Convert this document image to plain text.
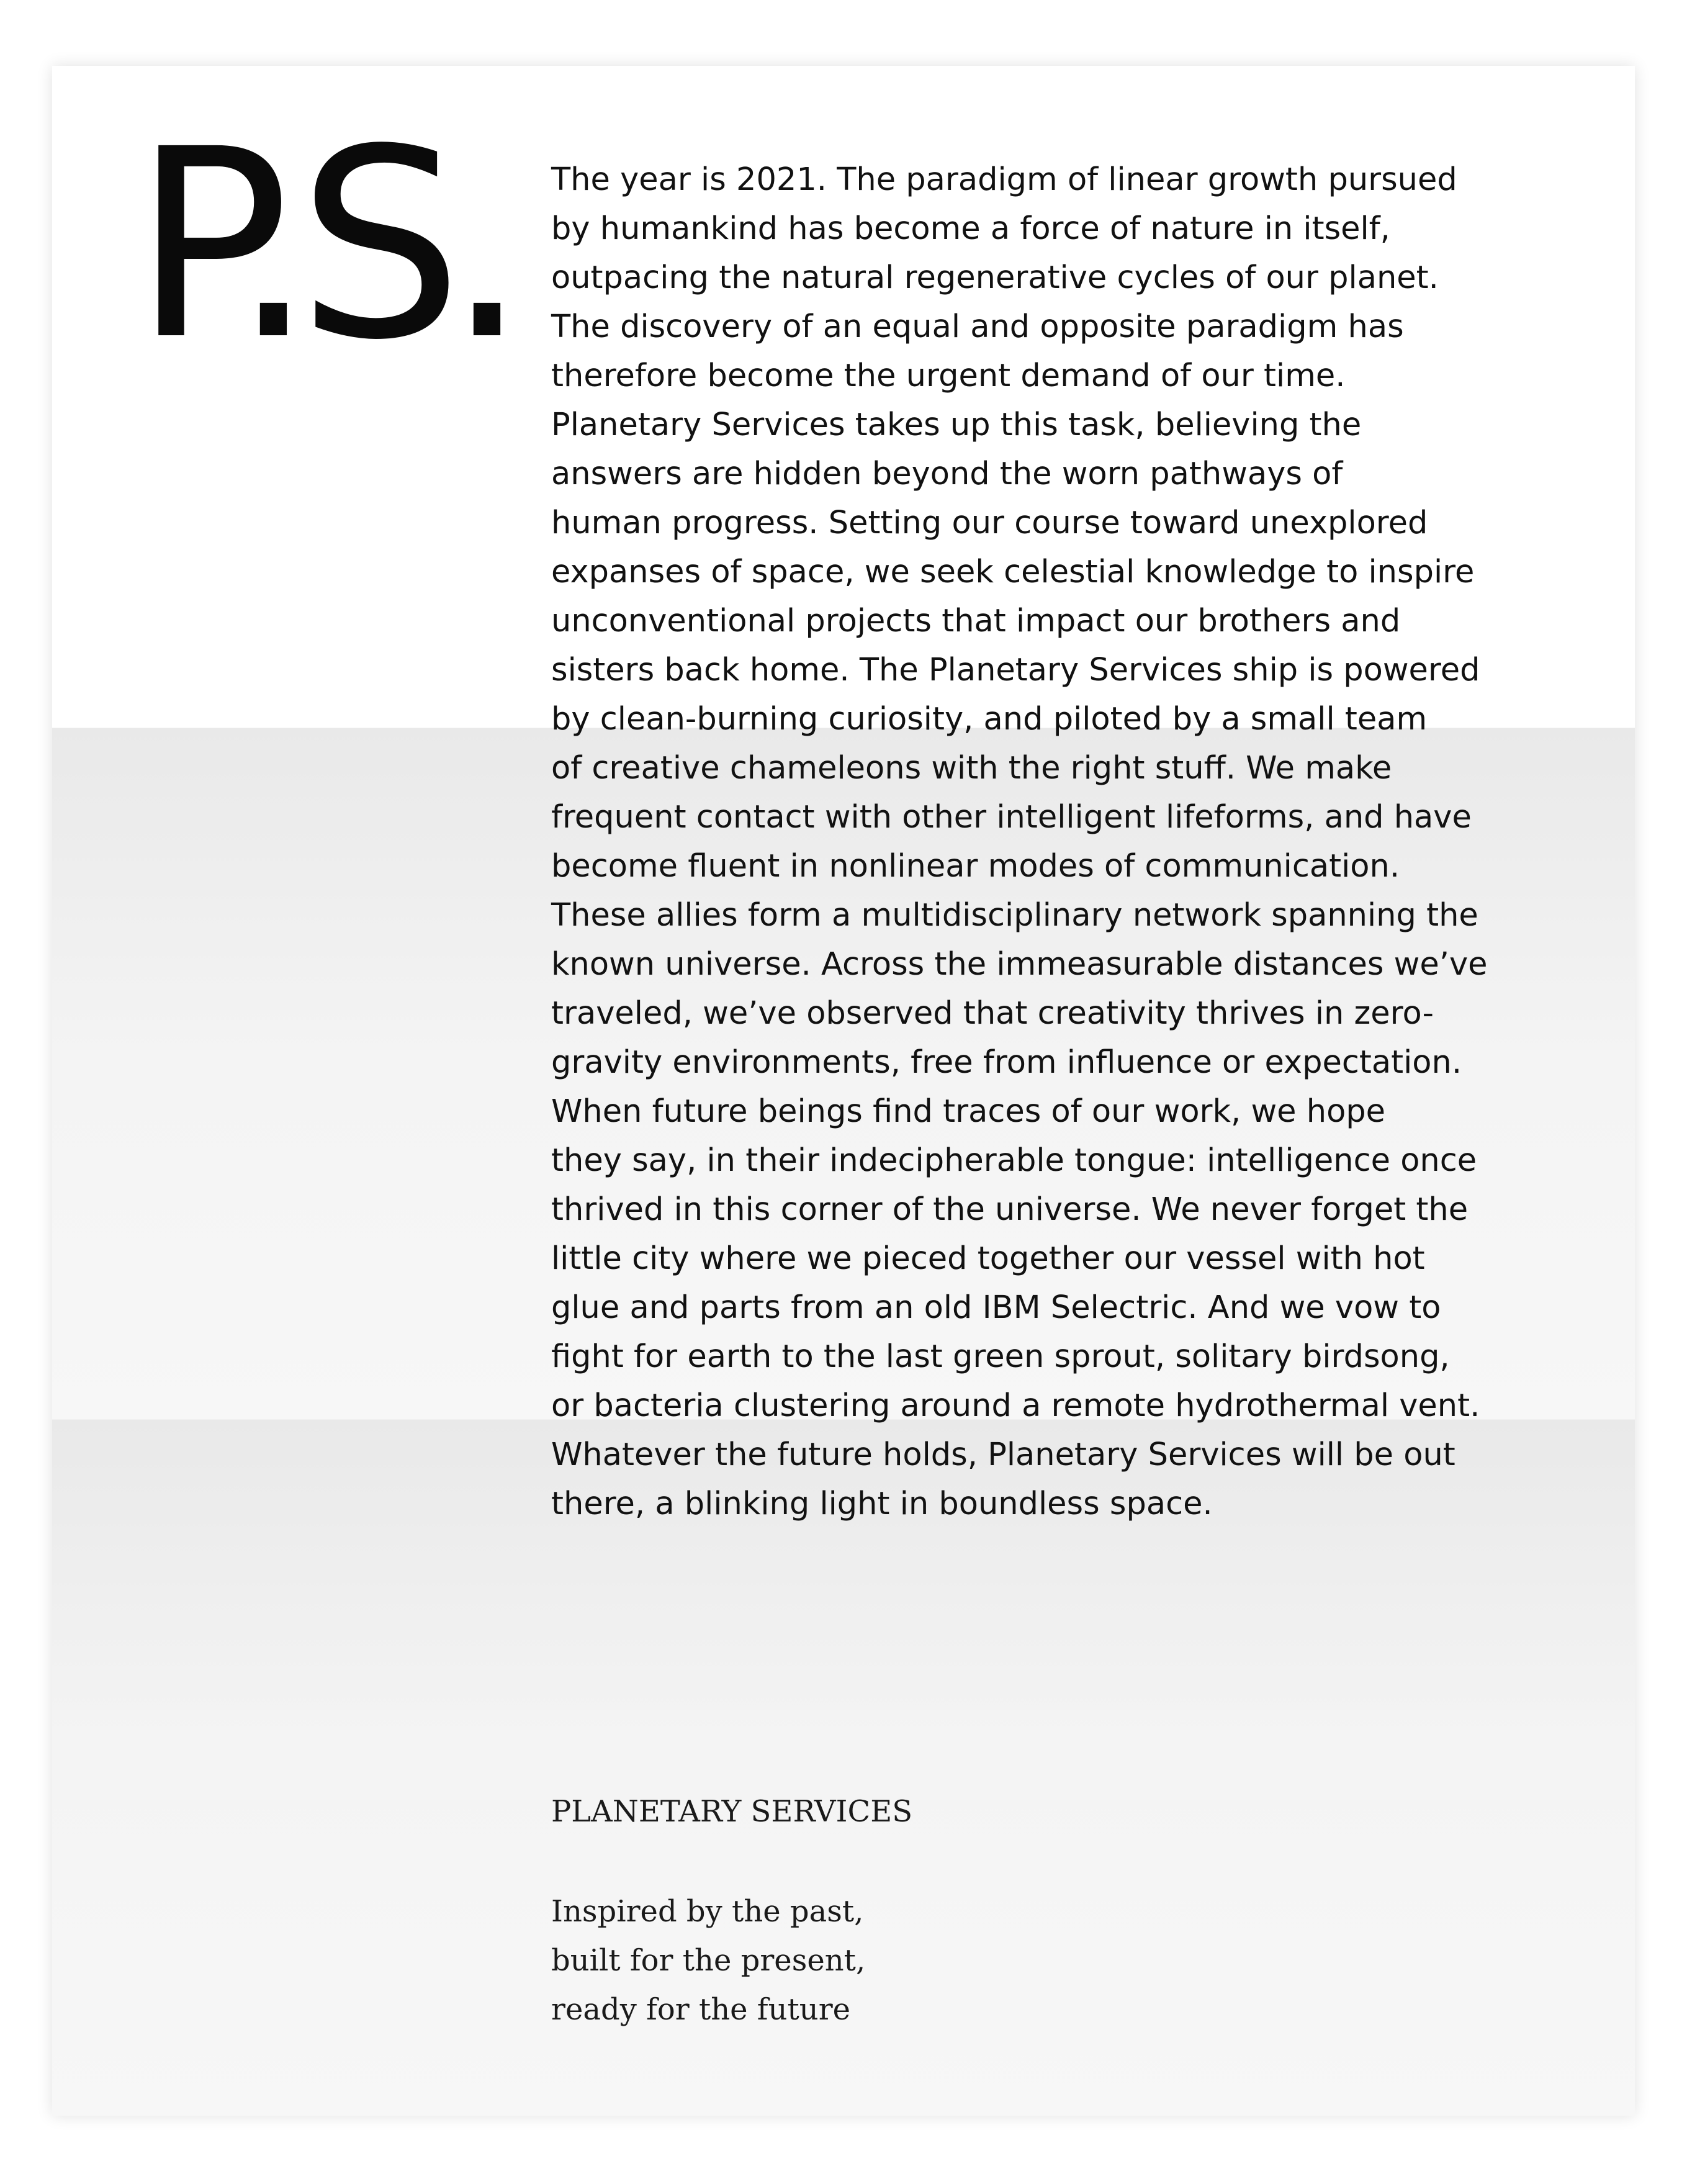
P.S. The year is 2021. The paradigm of linear growth pursued
by humankind has become a force of nature in itself,
outpacing the natural regenerative cycles of our planet.
The discovery of an equal and opposite paradigm has
therefore become the urgent demand of our time.
Planetary Services takes up this task, believing the
answers are hidden beyond the worn pathways of
human progress. Setting our course toward unexplored
expanses of space, we seek celestial knowledge to inspire
unconventional projects that impact our brothers and
sisters back home. The Planetary Services ship is powered
by clean-burning curiosity, and piloted by a small team
of creative chameleons with the right stuff. We make
frequent contact with other intelligent lifeforms, and have
become fluent in nonlinear modes of communication.
These allies form a multidisciplinary network spanning the
known universe. Across the immeasurable distances we’ve
traveled, we’ve observed that creativity thrives in zero-
gravity environments, free from influence or expectation.
When future beings find traces of our work, we hope
they say, in their indecipherable tongue: intelligence once
thrived in this corner of the universe. We never forget the
little city where we pieced together our vessel with hot
glue and parts from an old IBM Selectric. And we vow to
fight for earth to the last green sprout, solitary birdsong,
or bacteria clustering around a remote hydrothermal vent.
Whatever the future holds, Planetary Services will be out
there, a blinking light in boundless space.

PLANETARY SERVICES

Inspired by the past,
built for the present,
ready for the future
